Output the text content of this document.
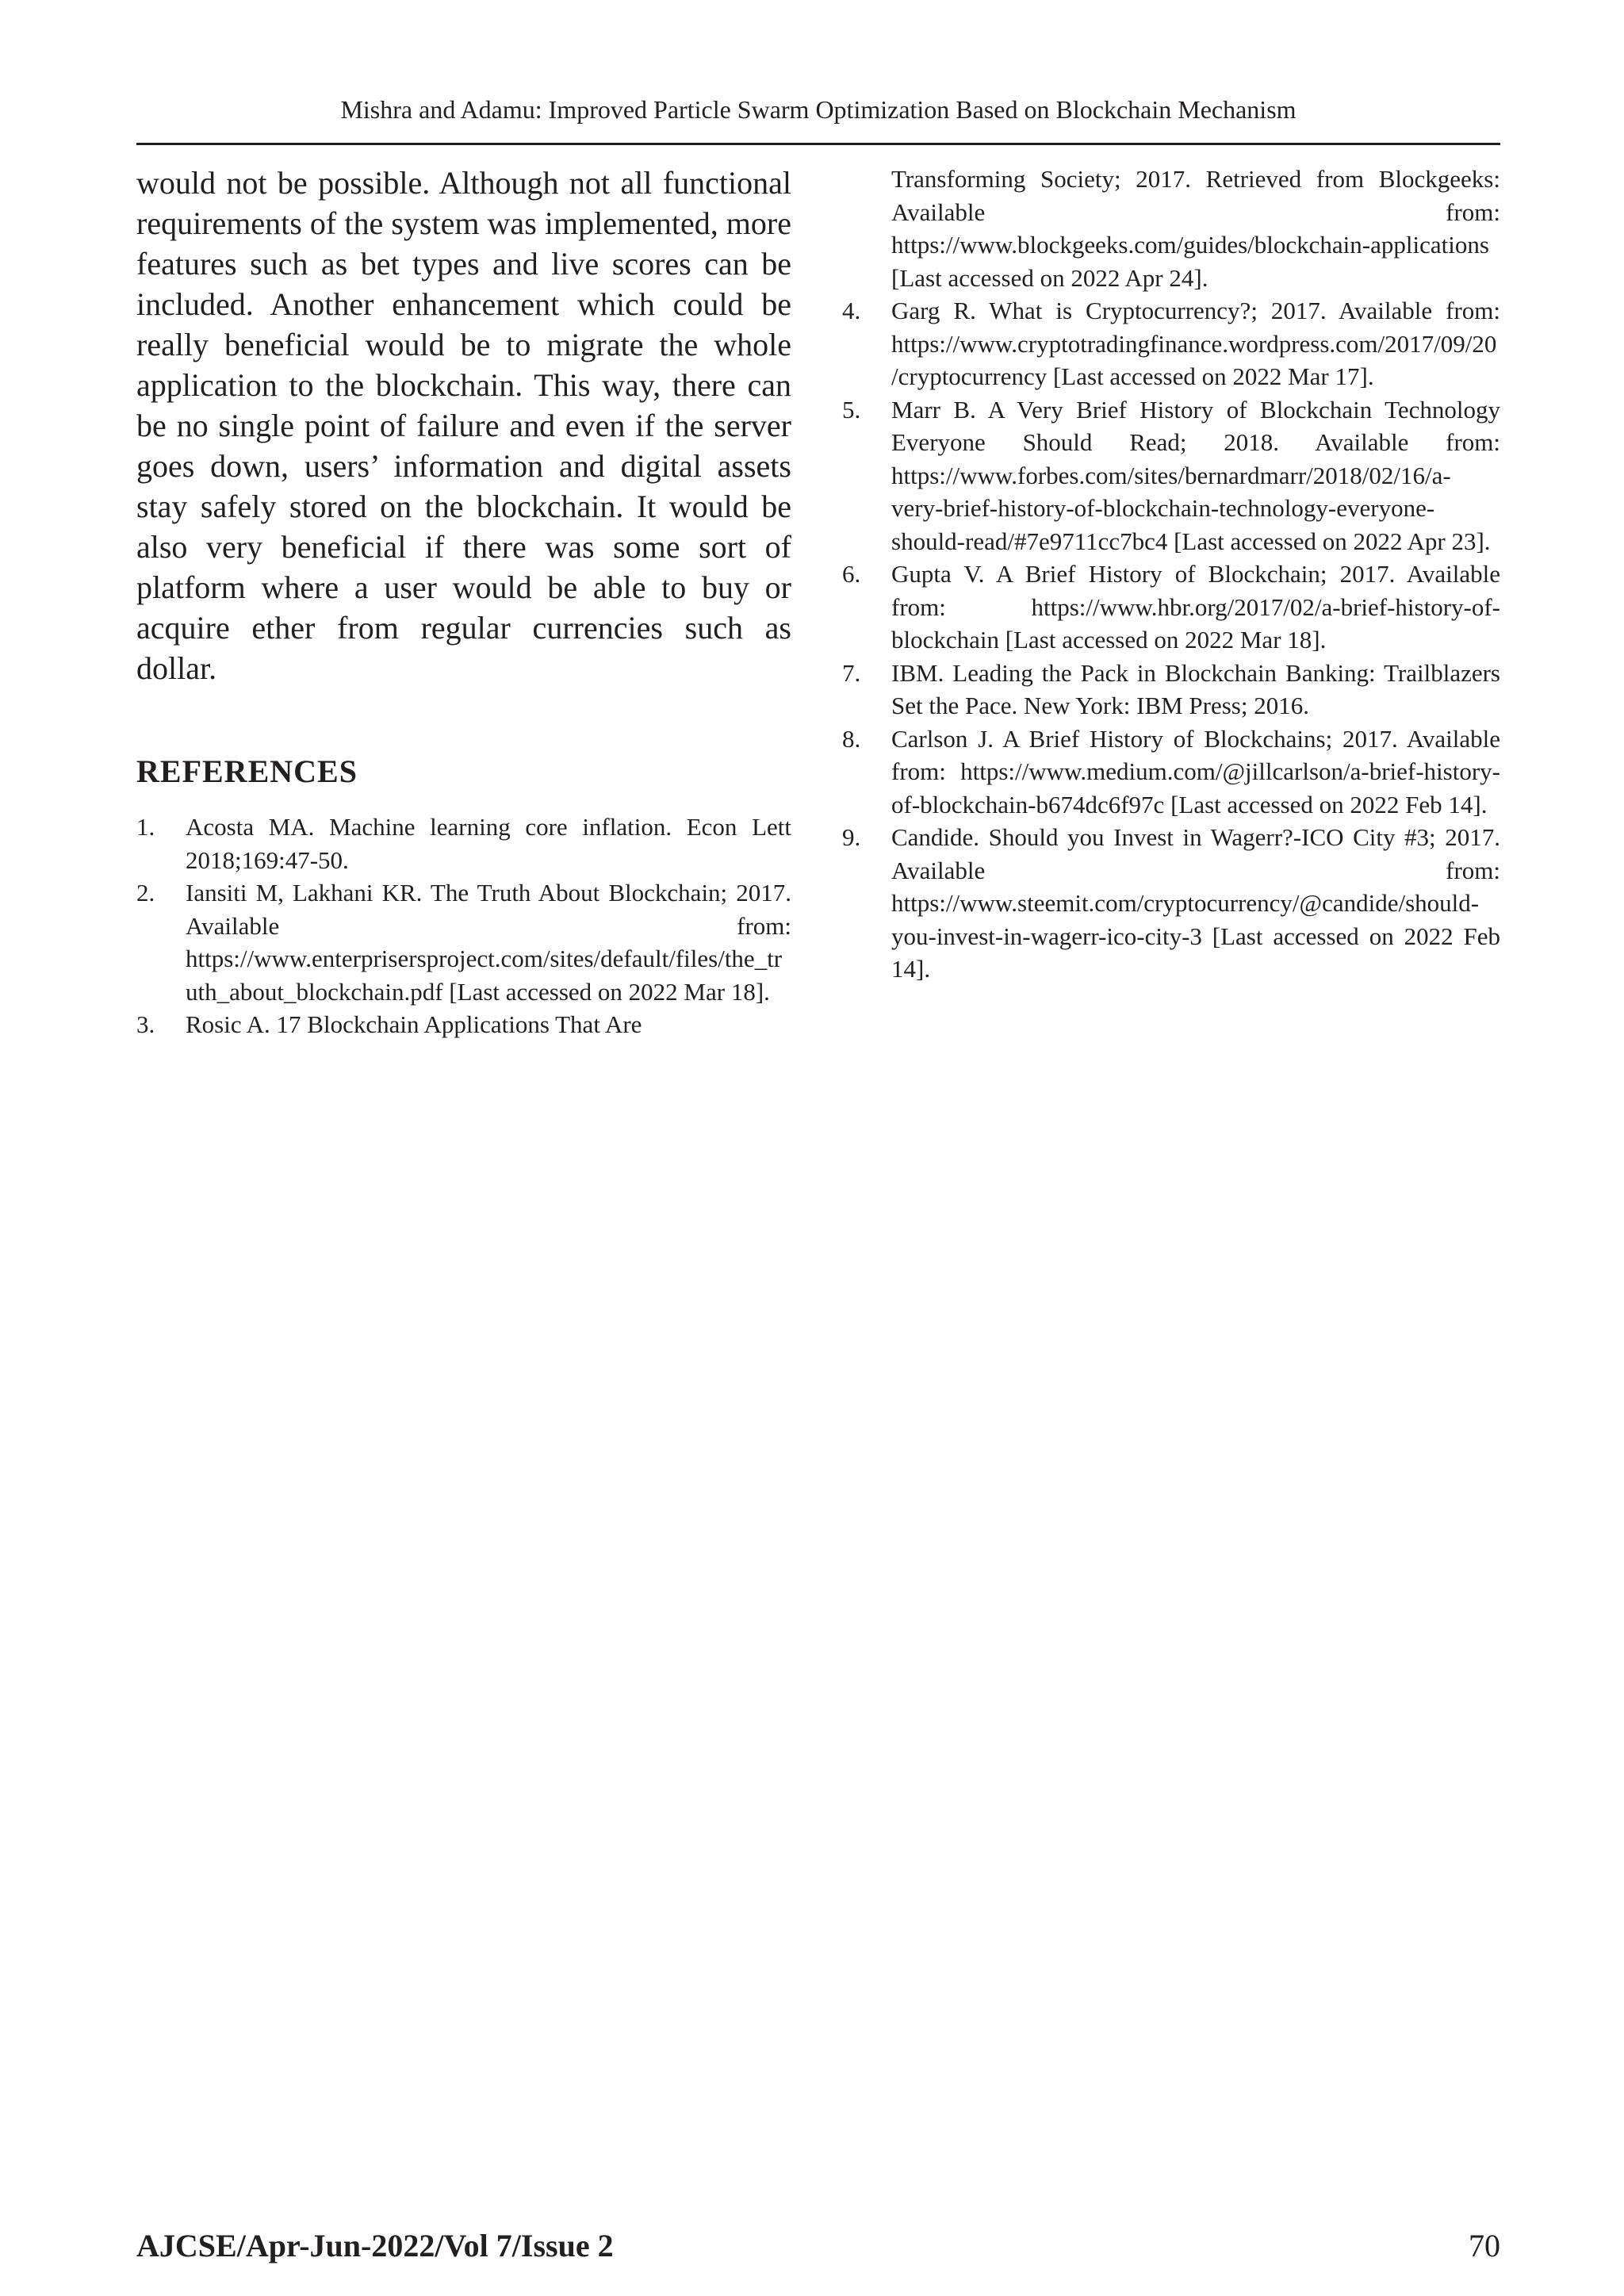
Mishra and Adamu: Improved Particle Swarm Optimization Based on Blockchain Mechanism

would not be possible. Although not all functional requirements of the system was implemented, more features such as bet types and live scores can be included. Another enhancement which could be really beneficial would be to migrate the whole application to the blockchain. This way, there can be no single point of failure and even if the server goes down, users’ information and digital assets stay safely stored on the blockchain. It would be also very beneficial if there was some sort of platform where a user would be able to buy or acquire ether from regular currencies such as dollar.

REFERENCES
1. Acosta MA. Machine learning core inflation. Econ Lett 2018;169:47-50.
2. Iansiti M, Lakhani KR. The Truth About Blockchain; 2017. Available from: https://www.enterprisersproject.com/sites/default/files/the_truth_about_blockchain.pdf [Last accessed on 2022 Mar 18].
3. Rosic A. 17 Blockchain Applications That Are

Transforming Society; 2017. Retrieved from Blockgeeks: Available from: https://www.blockgeeks.com/guides/blockchain-applications [Last accessed on 2022 Apr 24].

4. Garg R. What is Cryptocurrency?; 2017. Available from: https://www.cryptotradingfinance.wordpress.com/2017/09/20/cryptocurrency [Last accessed on 2022 Mar 17].
5. Marr B. A Very Brief History of Blockchain Technology Everyone Should Read; 2018. Available from: https://www.forbes.com/sites/bernardmarr/2018/02/16/a-very-brief-history-of-blockchain-technology-everyone-should-read/#7e9711cc7bc4 [Last accessed on 2022 Apr 23].
6. Gupta V. A Brief History of Blockchain; 2017. Available from: https://www.hbr.org/2017/02/a-brief-history-of-blockchain [Last accessed on 2022 Mar 18].
7. IBM. Leading the Pack in Blockchain Banking: Trailblazers Set the Pace. New York: IBM Press; 2016.
8. Carlson J. A Brief History of Blockchains; 2017. Available from: https://www.medium.com/@jillcarlson/a-brief-history-of-blockchain-b674dc6f97c [Last accessed on 2022 Feb 14].
9. Candide. Should you Invest in Wagerr?-ICO City #3; 2017. Available from: https://www.steemit.com/cryptocurrency/@candide/should-you-invest-in-wagerr-ico-city-3 [Last accessed on 2022 Feb 14].
AJCSE/Apr-Jun-2022/Vol 7/Issue 2	70
